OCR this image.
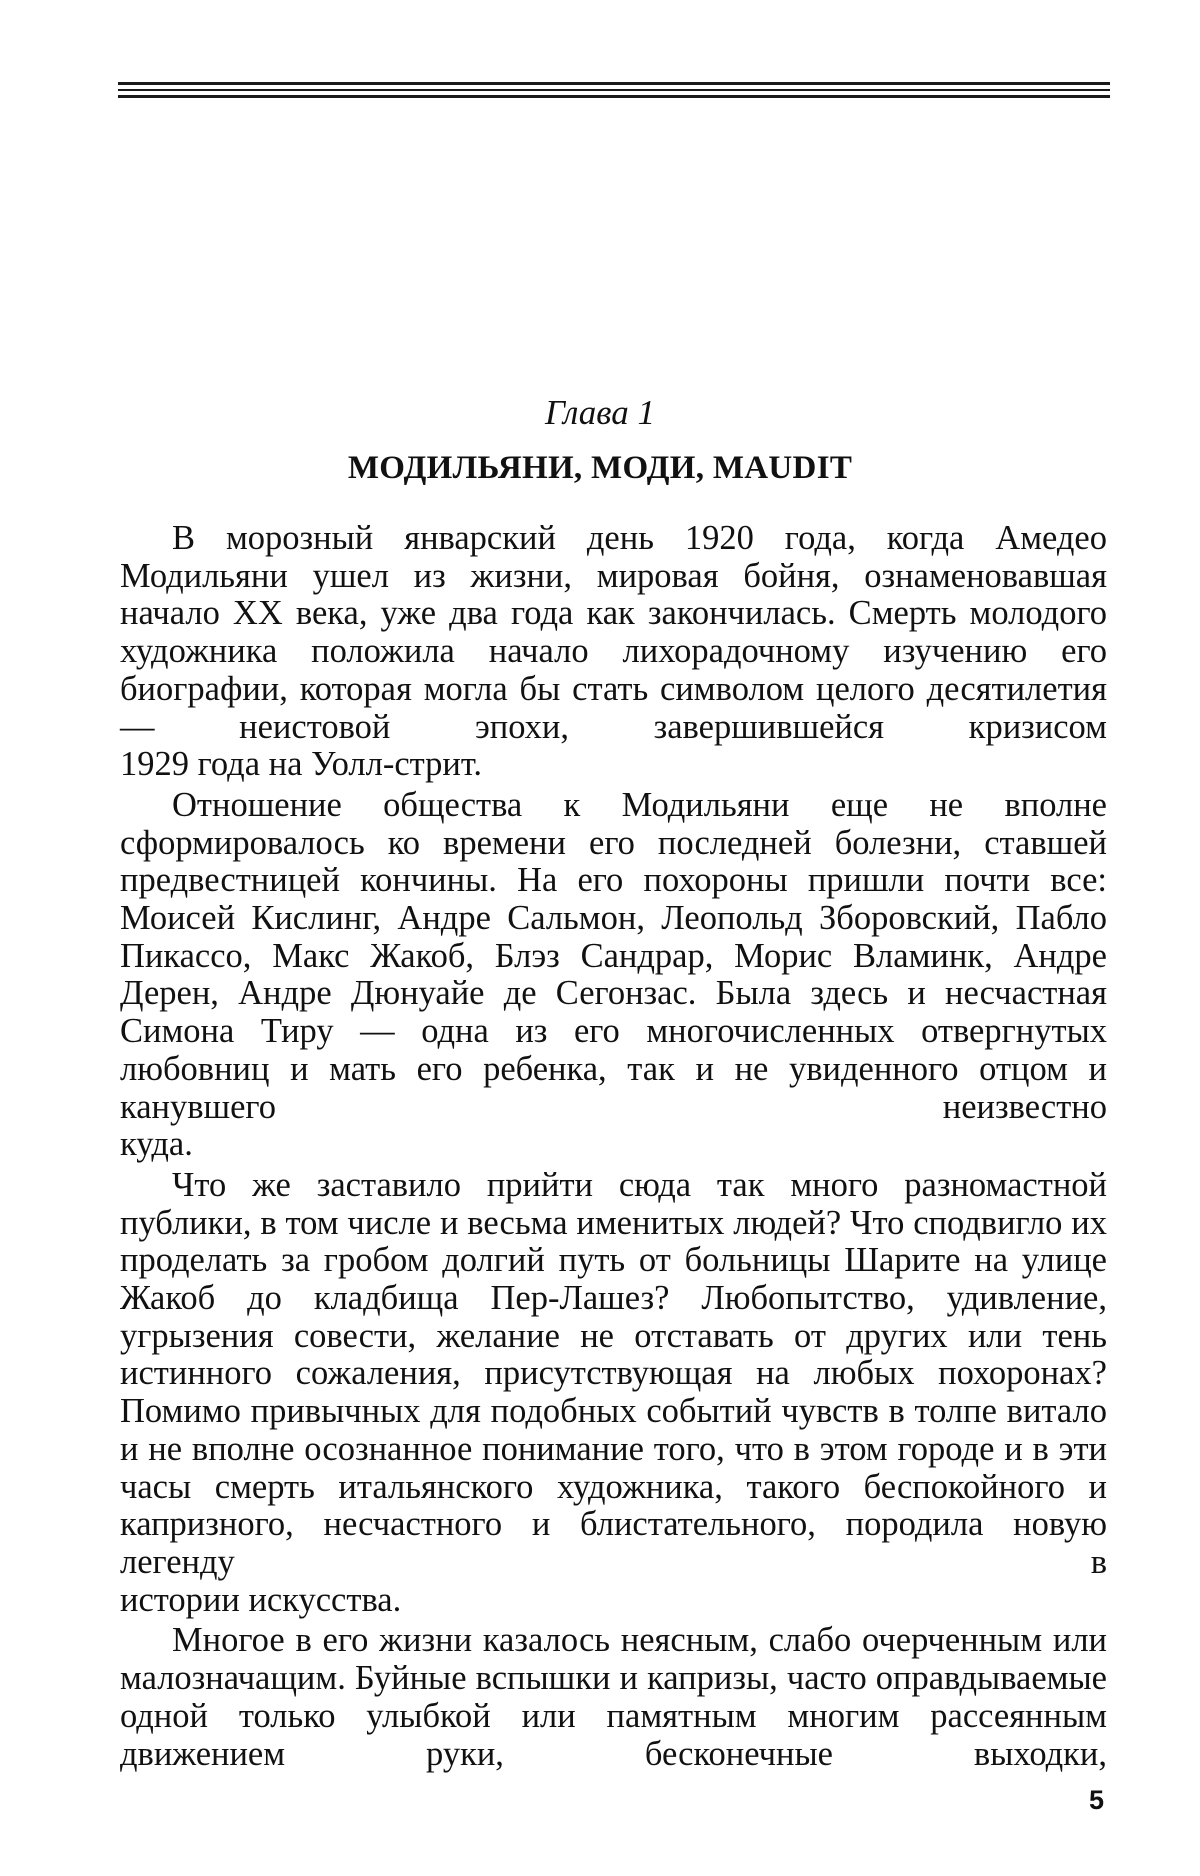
Глава 1
МОДИЛЬЯНИ, МОДИ, MAUDIT

В морозный январский день 1920 года, когда Амедео Модильяни ушел из жизни, мировая бойня, ознаменовавшая начало XX века, уже два года как закончилась. Смерть молодого художника положила начало лихорадочному изучению его биографии, которая могла бы стать символом целого десятилетия — неистовой эпохи, завершившейся кризисом

1929 года на Уолл-стрит.

Отношение общества к Модильяни еще не вполне сформировалось ко времени его последней болезни, ставшей предвестницей кончины. На его похороны пришли почти все: Моисей Кислинг, Андре Сальмон, Леопольд Зборовский, Пабло Пикассо, Макс Жакоб, Блэз Сандрар, Морис Вламинк, Андре Дерен, Андре Дюнуайе де Сегонзас. Была здесь и несчастная Симона Тиру — одна из его многочисленных отвергнутых любовниц и мать его ребенка, так и не увиденного отцом и канувшего неизвестно

куда.

Что же заставило прийти сюда так много разномастной публики, в том числе и весьма именитых людей? Что сподвигло их проделать за гробом долгий путь от больницы Шарите на улице Жакоб до кладбища Пер-Лашез? Любопытство, удивление, угрызения совести, желание не отставать от других или тень истинного сожаления, присутствующая на любых похоронах? Помимо привычных для подобных событий чувств в толпе витало и не вполне осознанное понимание того, что в этом городе и в эти часы смерть итальянского художника, такого беспокойного и капризного, несчастного и блистательного, породила новую легенду в

истории искусства.

Многое в его жизни казалось неясным, слабо очерченным или малозначащим. Буйные вспышки и капризы, часто оправдываемые одной только улыбкой или памятным многим рассеянным движением руки, бесконечные выходки,

5
